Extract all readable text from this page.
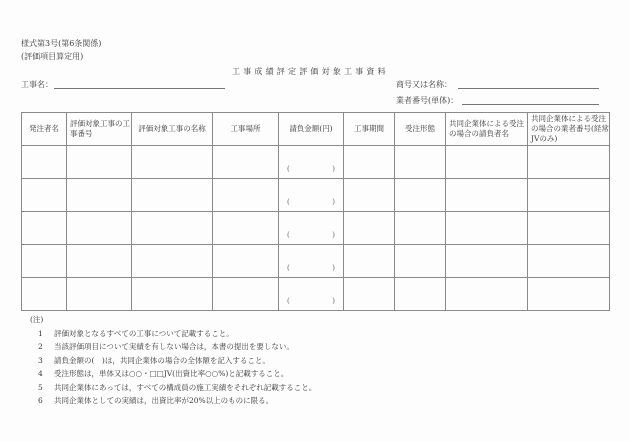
様式第3号(第6条関係)
(評価項目算定用)
工事成績評定評価対象工事資料
工事名：	商号又は名称：
業者番号(単体)：
発注者名	評価対象工事の工事番号	評価対象工事の名称	工事場所	請負金額(円)	工事期間	受注形態	共同企業体による受注の場合の請負者名	共同企業体による受注の場合の業者番号(経常JVのみ)

				( )				

				( )				

				( )				

				( )				

				( )				

(注)
1 評価対象となるすべての工事について記載すること。
2 当該評価項目について実績を有しない場合は，本書の提出を要しない。
3 請負金額の(　)は，共同企業体の場合の全体額を記入すること。
4 受注形態は，単体又は○○・□□JV(出資比率○○%)と記載すること。
5 共同企業体にあっては，すべての構成員の施工実績をそれぞれ記載すること。
6 共同企業体としての実績は，出資比率が20%以上のものに限る。
